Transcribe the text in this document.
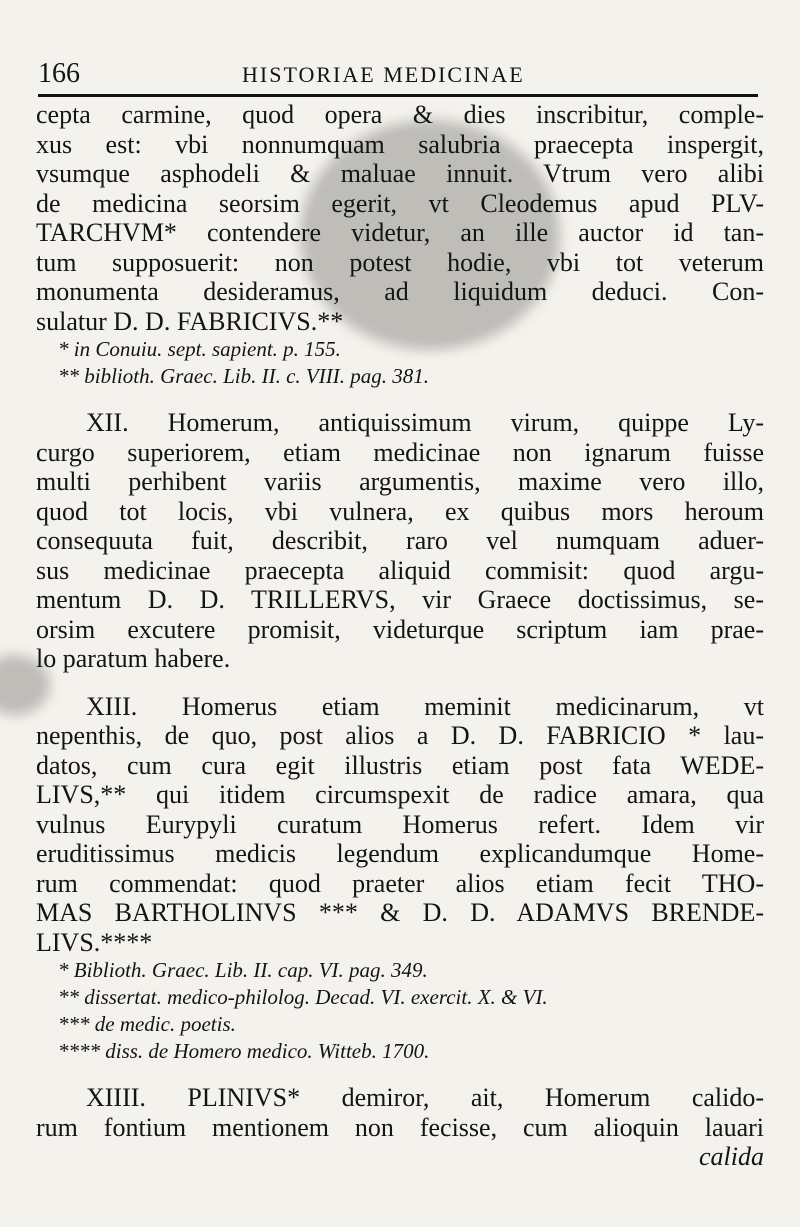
166	HISTORIAE MEDICINAE
cepta carmine, quod opera & dies inscribitur, comple-
xus est: vbi nonnumquam salubria praecepta inspergit,
vsumque asphodeli & maluae innuit. Vtrum vero alibi
de medicina seorsim egerit, vt Cleodemus apud PLV-
TARCHVM* contendere videtur, an ille auctor id tan-
tum supposuerit: non potest hodie, vbi tot veterum
monumenta desideramus, ad liquidum deduci. Con-
sulatur D. D. FABRICIVS.**
* in Conuiu. sept. sapient. p. 155.
** biblioth. Graec. Lib. II. c. VIII. pag. 381.
XII. Homerum, antiquissimum virum, quippe Ly-
curgo superiorem, etiam medicinae non ignarum fuisse
multi perhibent variis argumentis, maxime vero illo,
quod tot locis, vbi vulnera, ex quibus mors heroum
consequuta fuit, describit, raro vel numquam aduer-
sus medicinae praecepta aliquid commisit: quod argu-
mentum D. D. TRILLERVS, vir Graece doctissimus, se-
orsim excutere promisit, videturque scriptum iam prae-
lo paratum habere.
XIII. Homerus etiam meminit medicinarum, vt
nepenthis, de quo, post alios a D. D. FABRICIO * lau-
datos, cum cura egit illustris etiam post fata WEDE-
LIVS,** qui itidem circumspexit de radice amara, qua
vulnus Eurypyli curatum Homerus refert. Idem vir
eruditissimus medicis legendum explicandumque Home-
rum commendat: quod praeter alios etiam fecit THO-
MAS BARTHOLINVS *** & D. D. ADAMVS BRENDE-
LIVS.****
* Biblioth. Graec. Lib. II. cap. VI. pag. 349.
** dissertat. medico-philolog. Decad. VI. exercit. X. & VI.
*** de medic. poetis.
**** diss. de Homero medico. Witteb. 1700.
XIIII. PLINIVS* demiror, ait, Homerum calido-
rum fontium mentionem non fecisse, cum alioquin lauari
calida
